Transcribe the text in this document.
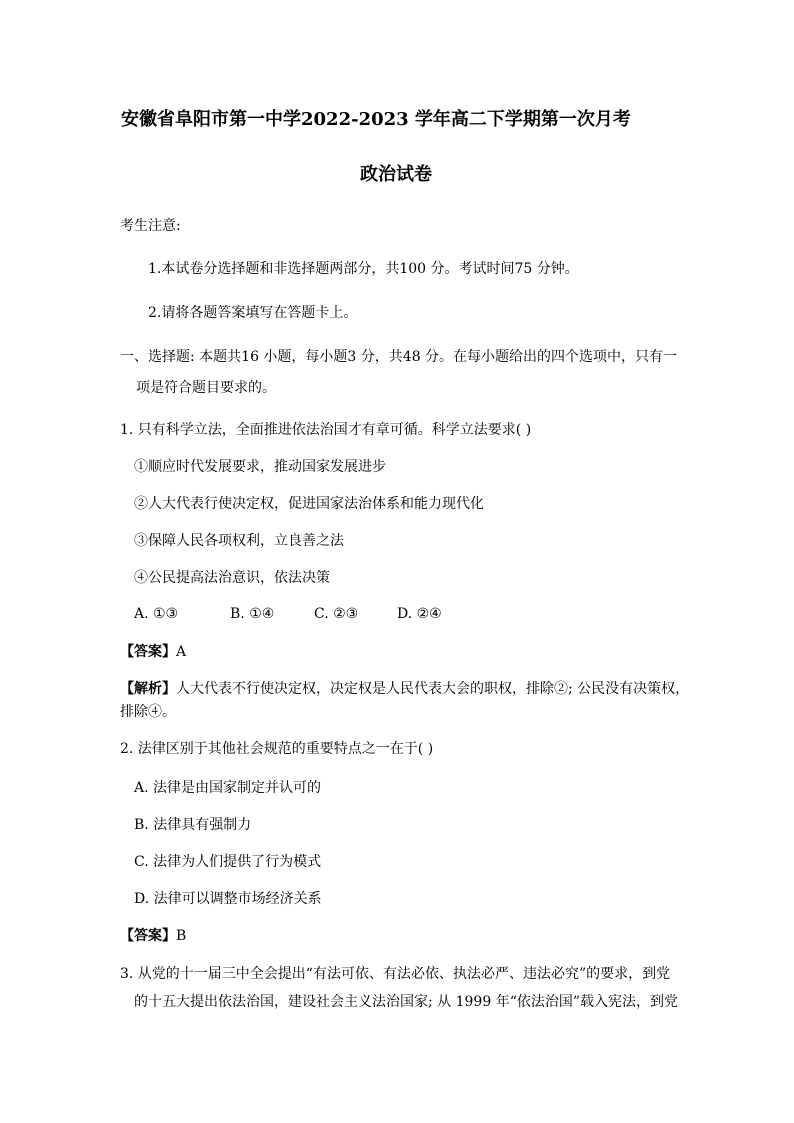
安徽省阜阳市第一中学2022-2023 学年高二下学期第一次月考
政治试卷
考生注意:
1.本试卷分选择题和非选择题两部分，共100 分。考试时间75 分钟。
2.请将各题答案填写在答题卡上。
一、选择题: 本题共16 小题，每小题3 分，共48 分。在每小题给出的四个选项中，只有一
项是符合题目要求的。
1. 只有科学立法，全面推进依法治国才有章可循。科学立法要求( )
①顺应时代发展要求，推动国家发展进步
②人大代表行使决定权，促进国家法治体系和能力现代化
③保障人民各项权利，立良善之法
④公民提高法治意识，依法决策
A. ①③	B. ①④	C. ②③	D. ②④
【答案】A
【解析】人大代表不行使决定权，决定权是人民代表大会的职权，排除②; 公民没有决策权，
排除④。
2. 法律区别于其他社会规范的重要特点之一在于( )
A. 法律是由国家制定并认可的
B. 法律具有强制力
C. 法律为人们提供了行为模式
D. 法律可以调整市场经济关系
【答案】B
3. 从党的十一届三中全会提出“有法可依、有法必依、执法必严、违法必究”的要求，到党
的十五大提出依法治国，建设社会主义法治国家; 从 1999 年“依法治国”载入宪法，到党
